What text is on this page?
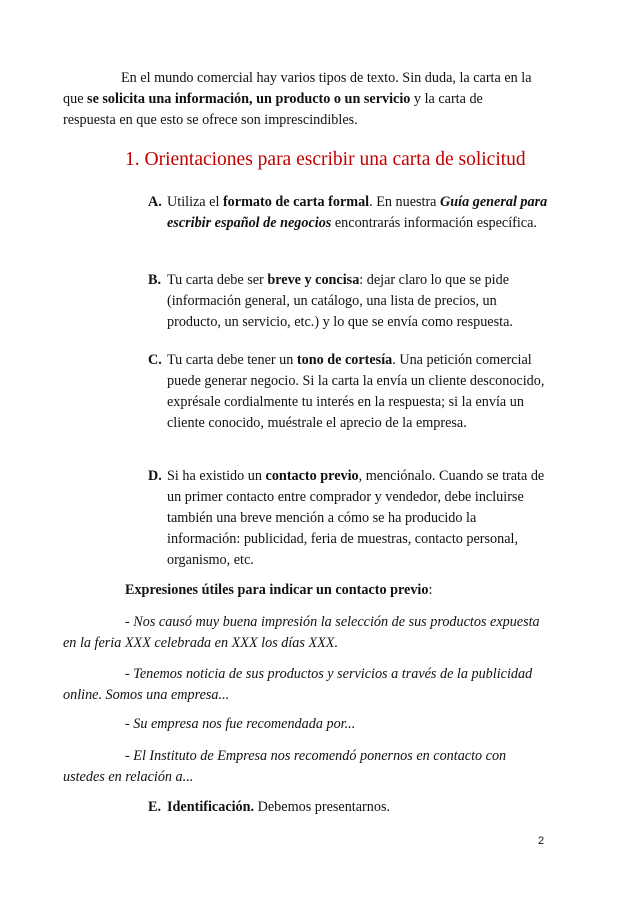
En el mundo comercial hay varios tipos de texto. Sin duda, la carta en la que se solicita una información, un producto o un servicio y la carta de respuesta en que esto se ofrece son imprescindibles.

1. Orientaciones para escribir una carta de solicitud
A. Utiliza el formato de carta formal. En nuestra Guía general para escribir español de negocios encontrarás información específica.
B. Tu carta debe ser breve y concisa: dejar claro lo que se pide (información general, un catálogo, una lista de precios, un producto, un servicio, etc.) y lo que se envía como respuesta.
C. Tu carta debe tener un tono de cortesía. Una petición comercial puede generar negocio. Si la carta la envía un cliente desconocido, exprésale cordialmente tu interés en la respuesta; si la envía un cliente conocido, muéstrale el aprecio de la empresa.
D. Si ha existido un contacto previo, menciónalo. Cuando se trata de un primer contacto entre comprador y vendedor, debe incluirse también una breve mención a cómo se ha producido la información: publicidad, feria de muestras, contacto personal, organismo, etc.

Expresiones útiles para indicar un contacto previo:

- Nos causó muy buena impresión la selección de sus productos expuesta en la feria XXX celebrada en XXX los días XXX.

- Tenemos noticia de sus productos y servicios a través de la publicidad online. Somos una empresa...

- Su empresa nos fue recomendada por...

- El Instituto de Empresa nos recomendó ponernos en contacto con ustedes en relación a...

E. Identificación. Debemos presentarnos.
2
